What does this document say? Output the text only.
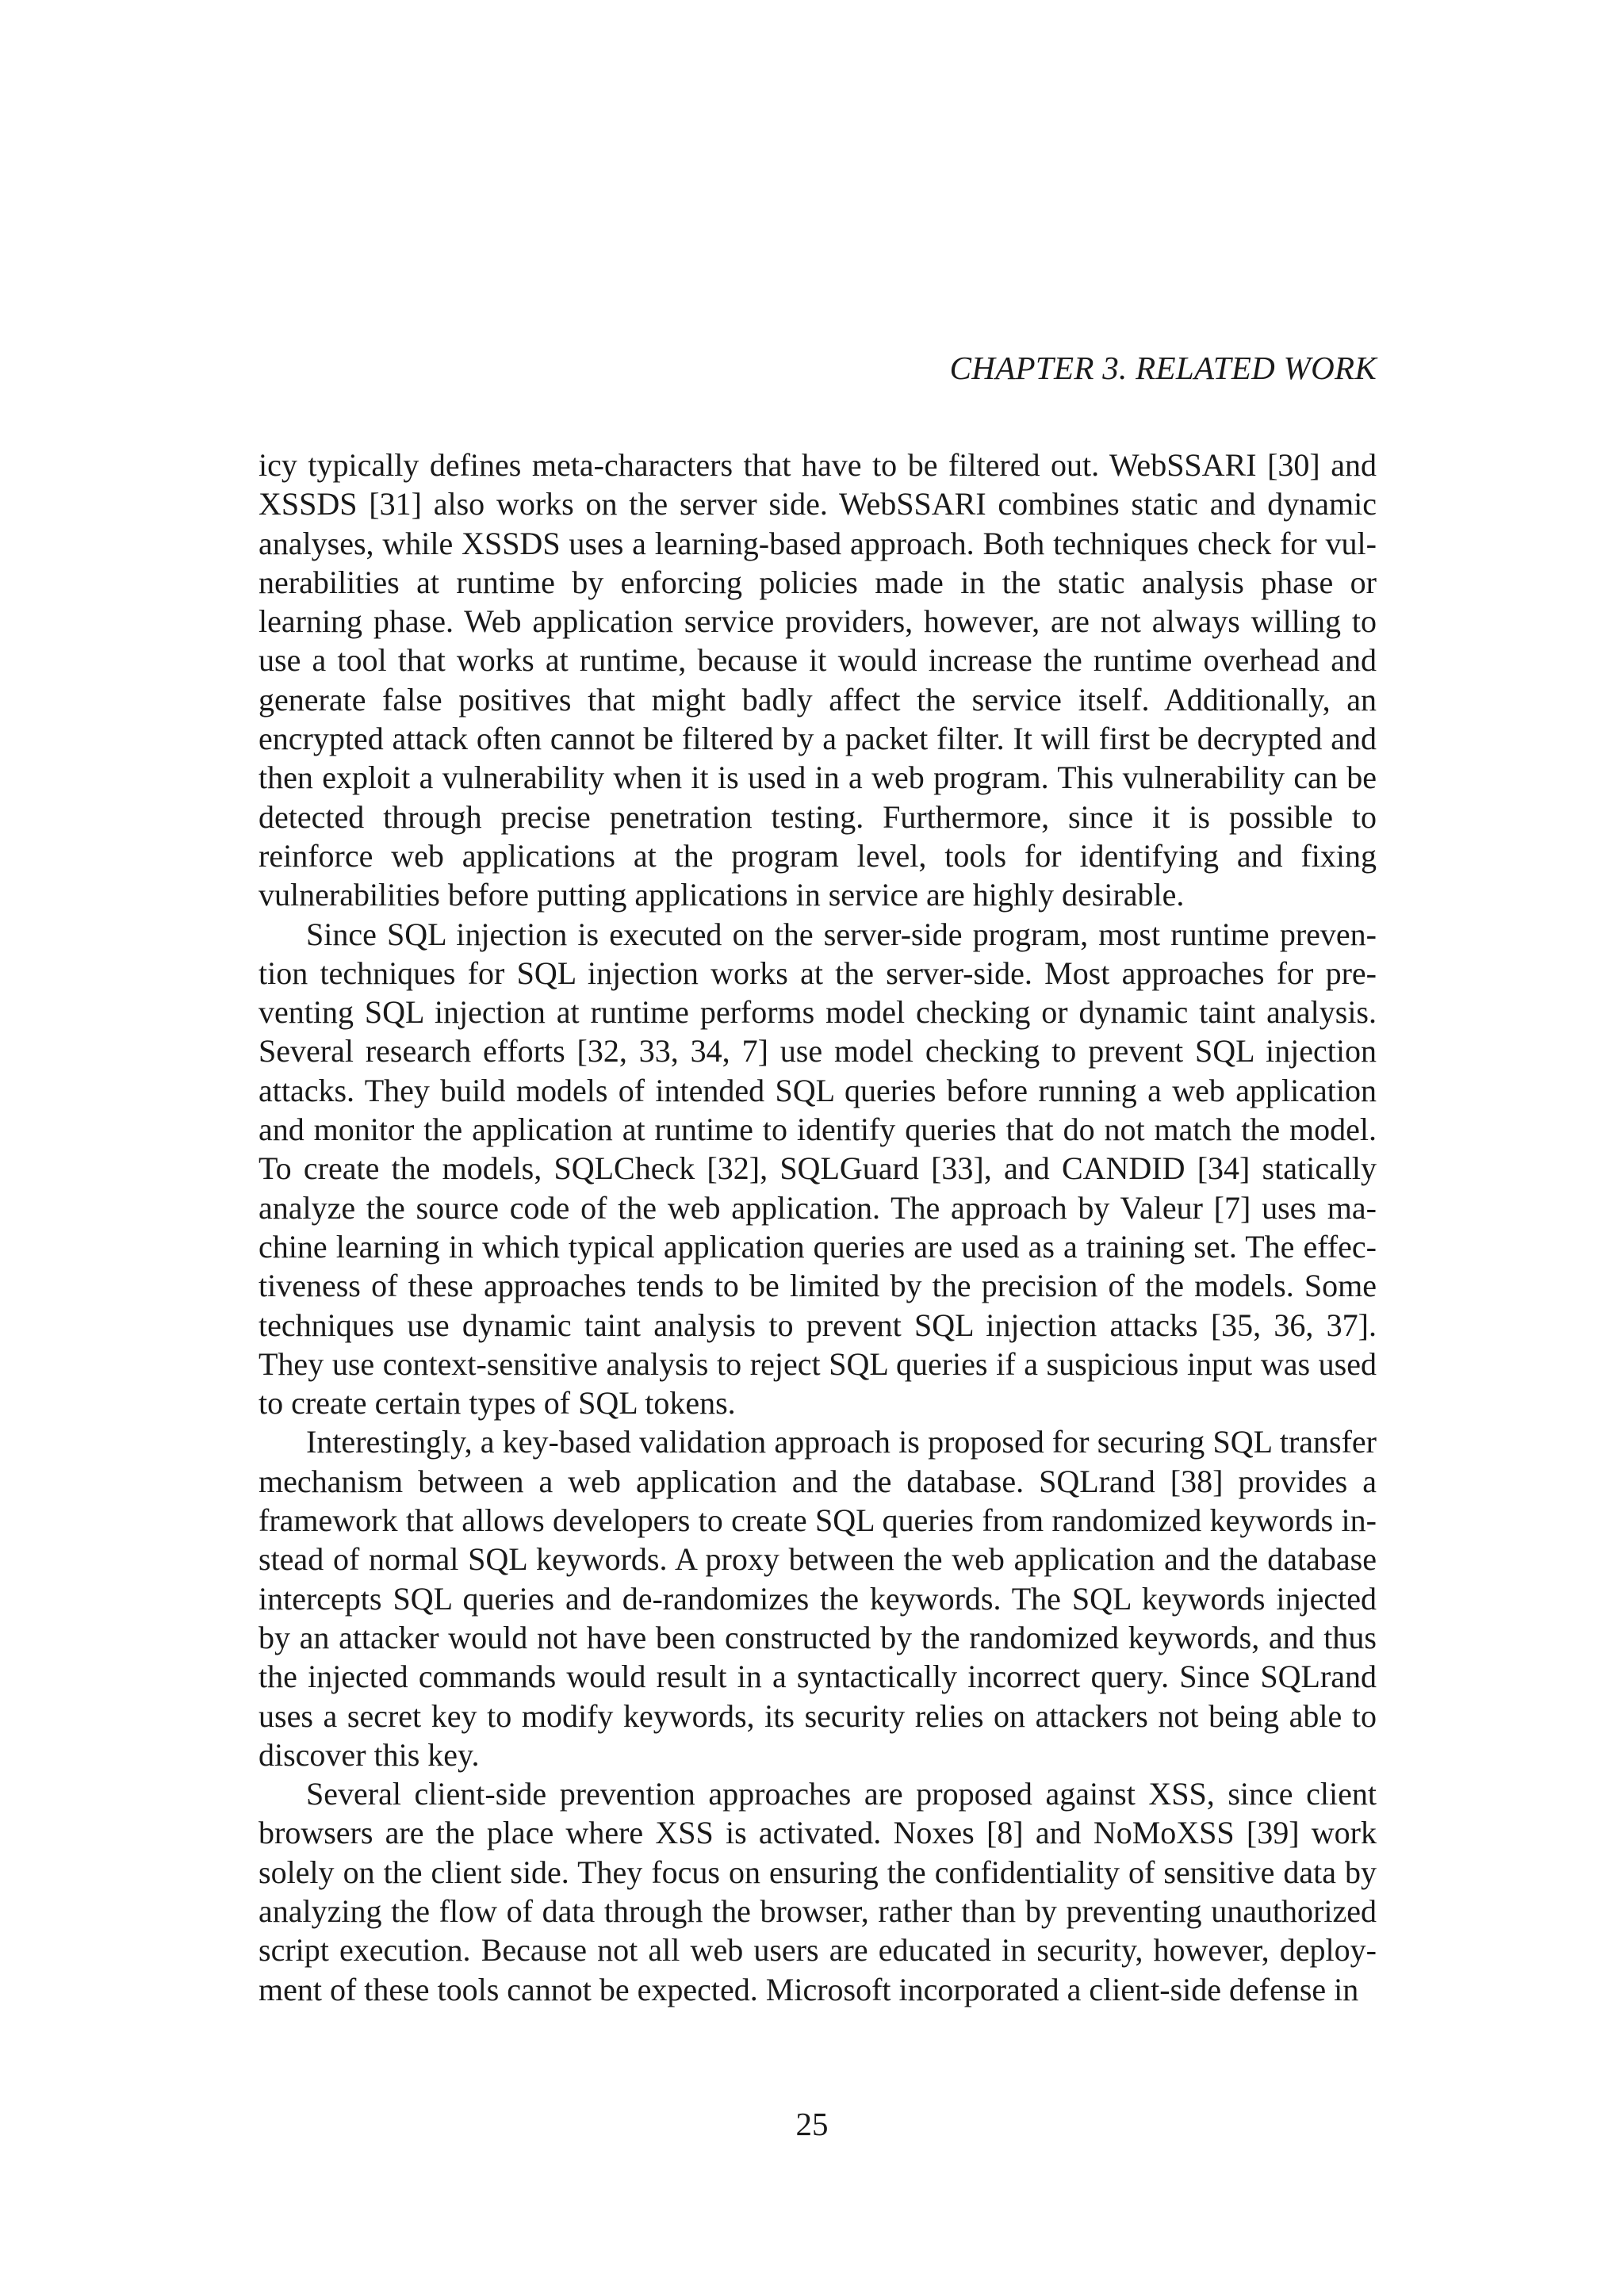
CHAPTER 3. RELATED WORK

icy typically defines meta-characters that have to be filtered out. WebSSARI [30] and XSSDS [31] also works on the server side. WebSSARI combines static and dynamic analyses, while XSSDS uses a learning-based approach. Both techniques check for vulnerabilities at runtime by enforcing policies made in the static analysis phase or learning phase. Web application service providers, however, are not always willing to use a tool that works at runtime, because it would increase the runtime overhead and generate false positives that might badly affect the service itself. Additionally, an encrypted attack often cannot be filtered by a packet filter. It will first be decrypted and then exploit a vulnerability when it is used in a web program. This vulnerability can be detected through precise penetration testing. Furthermore, since it is possible to reinforce web applications at the program level, tools for identifying and fixing vulnerabilities before putting applications in service are highly desirable.

Since SQL injection is executed on the server-side program, most runtime prevention techniques for SQL injection works at the server-side. Most approaches for preventing SQL injection at runtime performs model checking or dynamic taint analysis. Several research efforts [32, 33, 34, 7] use model checking to prevent SQL injection attacks. They build models of intended SQL queries before running a web application and monitor the application at runtime to identify queries that do not match the model. To create the models, SQLCheck [32], SQLGuard [33], and CANDID [34] statically analyze the source code of the web application. The approach by Valeur [7] uses machine learning in which typical application queries are used as a training set. The effectiveness of these approaches tends to be limited by the precision of the models. Some techniques use dynamic taint analysis to prevent SQL injection attacks [35, 36, 37]. They use context-sensitive analysis to reject SQL queries if a suspicious input was used to create certain types of SQL tokens.

Interestingly, a key-based validation approach is proposed for securing SQL transfer mechanism between a web application and the database. SQLrand [38] provides a framework that allows developers to create SQL queries from randomized keywords instead of normal SQL keywords. A proxy between the web application and the database intercepts SQL queries and de-randomizes the keywords. The SQL keywords injected by an attacker would not have been constructed by the randomized keywords, and thus the injected commands would result in a syntactically incorrect query. Since SQLrand uses a secret key to modify keywords, its security relies on attackers not being able to discover this key.

Several client-side prevention approaches are proposed against XSS, since client browsers are the place where XSS is activated. Noxes [8] and NoMoXSS [39] work solely on the client side. They focus on ensuring the confidentiality of sensitive data by analyzing the flow of data through the browser, rather than by preventing unauthorized script execution. Because not all web users are educated in security, however, deployment of these tools cannot be expected. Microsoft incorporated a client-side defense in

25
